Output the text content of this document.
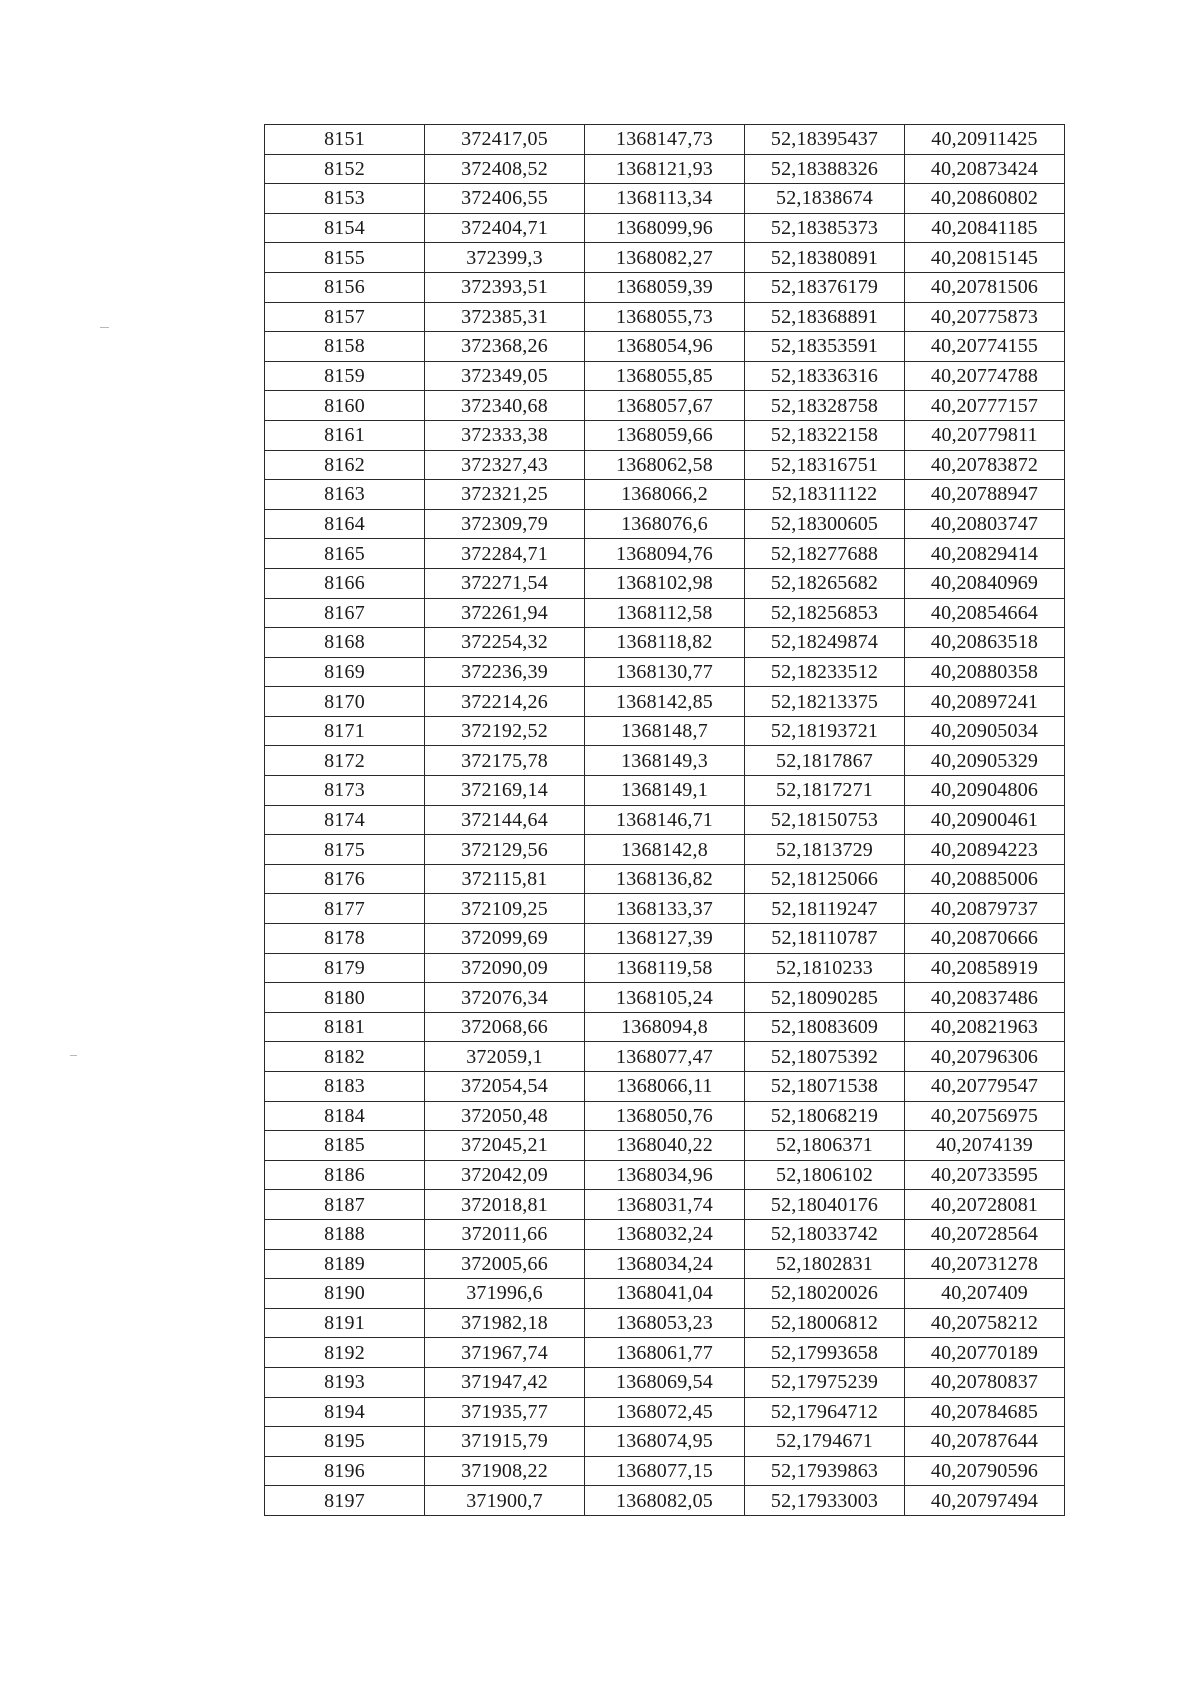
8151	372417,05	1368147,73	52,18395437	40,20911425
8152	372408,52	1368121,93	52,18388326	40,20873424
8153	372406,55	1368113,34	52,1838674	40,20860802
8154	372404,71	1368099,96	52,18385373	40,20841185
8155	372399,3	1368082,27	52,18380891	40,20815145
8156	372393,51	1368059,39	52,18376179	40,20781506
8157	372385,31	1368055,73	52,18368891	40,20775873
8158	372368,26	1368054,96	52,18353591	40,20774155
8159	372349,05	1368055,85	52,18336316	40,20774788
8160	372340,68	1368057,67	52,18328758	40,20777157
8161	372333,38	1368059,66	52,18322158	40,20779811
8162	372327,43	1368062,58	52,18316751	40,20783872
8163	372321,25	1368066,2	52,18311122	40,20788947
8164	372309,79	1368076,6	52,18300605	40,20803747
8165	372284,71	1368094,76	52,18277688	40,20829414
8166	372271,54	1368102,98	52,18265682	40,20840969
8167	372261,94	1368112,58	52,18256853	40,20854664
8168	372254,32	1368118,82	52,18249874	40,20863518
8169	372236,39	1368130,77	52,18233512	40,20880358
8170	372214,26	1368142,85	52,18213375	40,20897241
8171	372192,52	1368148,7	52,18193721	40,20905034
8172	372175,78	1368149,3	52,1817867	40,20905329
8173	372169,14	1368149,1	52,1817271	40,20904806
8174	372144,64	1368146,71	52,18150753	40,20900461
8175	372129,56	1368142,8	52,1813729	40,20894223
8176	372115,81	1368136,82	52,18125066	40,20885006
8177	372109,25	1368133,37	52,18119247	40,20879737
8178	372099,69	1368127,39	52,18110787	40,20870666
8179	372090,09	1368119,58	52,1810233	40,20858919
8180	372076,34	1368105,24	52,18090285	40,20837486
8181	372068,66	1368094,8	52,18083609	40,20821963
8182	372059,1	1368077,47	52,18075392	40,20796306
8183	372054,54	1368066,11	52,18071538	40,20779547
8184	372050,48	1368050,76	52,18068219	40,20756975
8185	372045,21	1368040,22	52,1806371	40,2074139
8186	372042,09	1368034,96	52,1806102	40,20733595
8187	372018,81	1368031,74	52,18040176	40,20728081
8188	372011,66	1368032,24	52,18033742	40,20728564
8189	372005,66	1368034,24	52,1802831	40,20731278
8190	371996,6	1368041,04	52,18020026	40,207409
8191	371982,18	1368053,23	52,18006812	40,20758212
8192	371967,74	1368061,77	52,17993658	40,20770189
8193	371947,42	1368069,54	52,17975239	40,20780837
8194	371935,77	1368072,45	52,17964712	40,20784685
8195	371915,79	1368074,95	52,1794671	40,20787644
8196	371908,22	1368077,15	52,17939863	40,20790596
8197	371900,7	1368082,05	52,17933003	40,20797494
